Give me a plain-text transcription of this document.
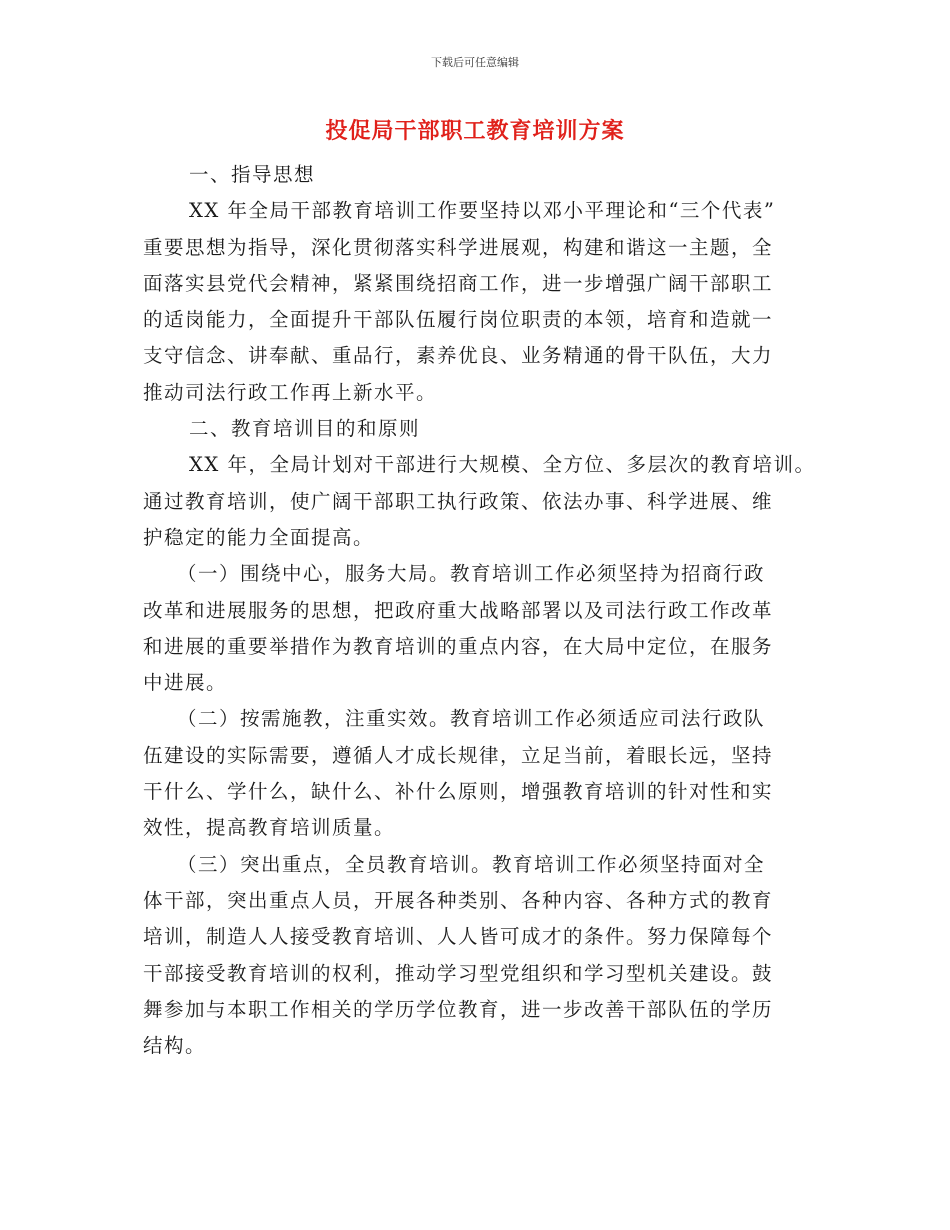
下载后可任意编辑
投促局干部职工教育培训方案
一、指导思想
XX 年全局干部教育培训工作要坚持以邓小平理论和“三个代表”
重要思想为指导，深化贯彻落实科学进展观，构建和谐这一主题，全
面落实县党代会精神，紧紧围绕招商工作，进一步增强广阔干部职工
的适岗能力，全面提升干部队伍履行岗位职责的本领，培育和造就一
支守信念、讲奉献、重品行，素养优良、业务精通的骨干队伍，大力
推动司法行政工作再上新水平。
二、教育培训目的和原则
XX 年，全局计划对干部进行大规模、全方位、多层次的教育培训。
通过教育培训，使广阔干部职工执行政策、依法办事、科学进展、维
护稳定的能力全面提高。
（一）围绕中心，服务大局。教育培训工作必须坚持为招商行政
改革和进展服务的思想，把政府重大战略部署以及司法行政工作改革
和进展的重要举措作为教育培训的重点内容，在大局中定位，在服务
中进展。
（二）按需施教，注重实效。教育培训工作必须适应司法行政队
伍建设的实际需要，遵循人才成长规律，立足当前，着眼长远，坚持
干什么、学什么，缺什么、补什么原则，增强教育培训的针对性和实
效性，提高教育培训质量。
（三）突出重点，全员教育培训。教育培训工作必须坚持面对全
体干部，突出重点人员，开展各种类别、各种内容、各种方式的教育
培训，制造人人接受教育培训、人人皆可成才的条件。努力保障每个
干部接受教育培训的权利，推动学习型党组织和学习型机关建设。鼓
舞参加与本职工作相关的学历学位教育，进一步改善干部队伍的学历
结构。
